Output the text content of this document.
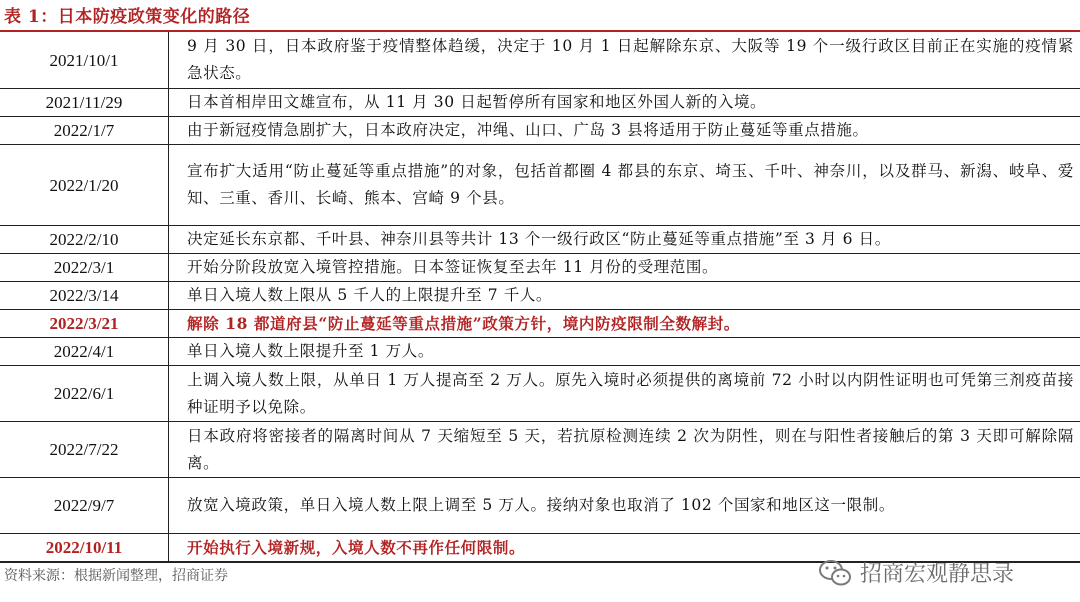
表 1：日本防疫政策变化的路径
2021/10/1	9 月 30 日，日本政府鉴于疫情整体趋缓，决定于 10 月 1 日起解除东京、大阪等 19 个一级行政区目前正在实施的疫情紧急状态。
2021/11/29	日本首相岸田文雄宣布，从 11 月 30 日起暂停所有国家和地区外国人新的入境。
2022/1/7	由于新冠疫情急剧扩大，日本政府决定，冲绳、山口、广岛 3 县将适用于防止蔓延等重点措施。
2022/1/20	宣布扩大适用“防止蔓延等重点措施”的对象，包括首都圈 4 都县的东京、埼玉、千叶、神奈川，以及群马、新潟、岐阜、爱知、三重、香川、长崎、熊本、宫崎 9 个县。
2022/2/10	决定延长东京都、千叶县、神奈川县等共计 13 个一级行政区“防止蔓延等重点措施”至 3 月 6 日。
2022/3/1	开始分阶段放宽入境管控措施。日本签证恢复至去年 11 月份的受理范围。
2022/3/14	单日入境人数上限从 5 千人的上限提升至 7 千人。
2022/3/21	解除 18 都道府县“防止蔓延等重点措施”政策方针，境内防疫限制全数解封。
2022/4/1	单日入境人数上限提升至 1 万人。
2022/6/1	上调入境人数上限，从单日 1 万人提高至 2 万人。原先入境时必须提供的离境前 72 小时以内阴性证明也可凭第三剂疫苗接种证明予以免除。
2022/7/22	日本政府将密接者的隔离时间从 7 天缩短至 5 天，若抗原检测连续 2 次为阴性，则在与阳性者接触后的第 3 天即可解除隔离。
2022/9/7	放宽入境政策，单日入境人数上限上调至 5 万人。接纳对象也取消了 102 个国家和地区这一限制。
2022/10/11	开始执行入境新规，入境人数不再作任何限制。
资料来源：根据新闻整理，招商证券	招商宏观静思录
